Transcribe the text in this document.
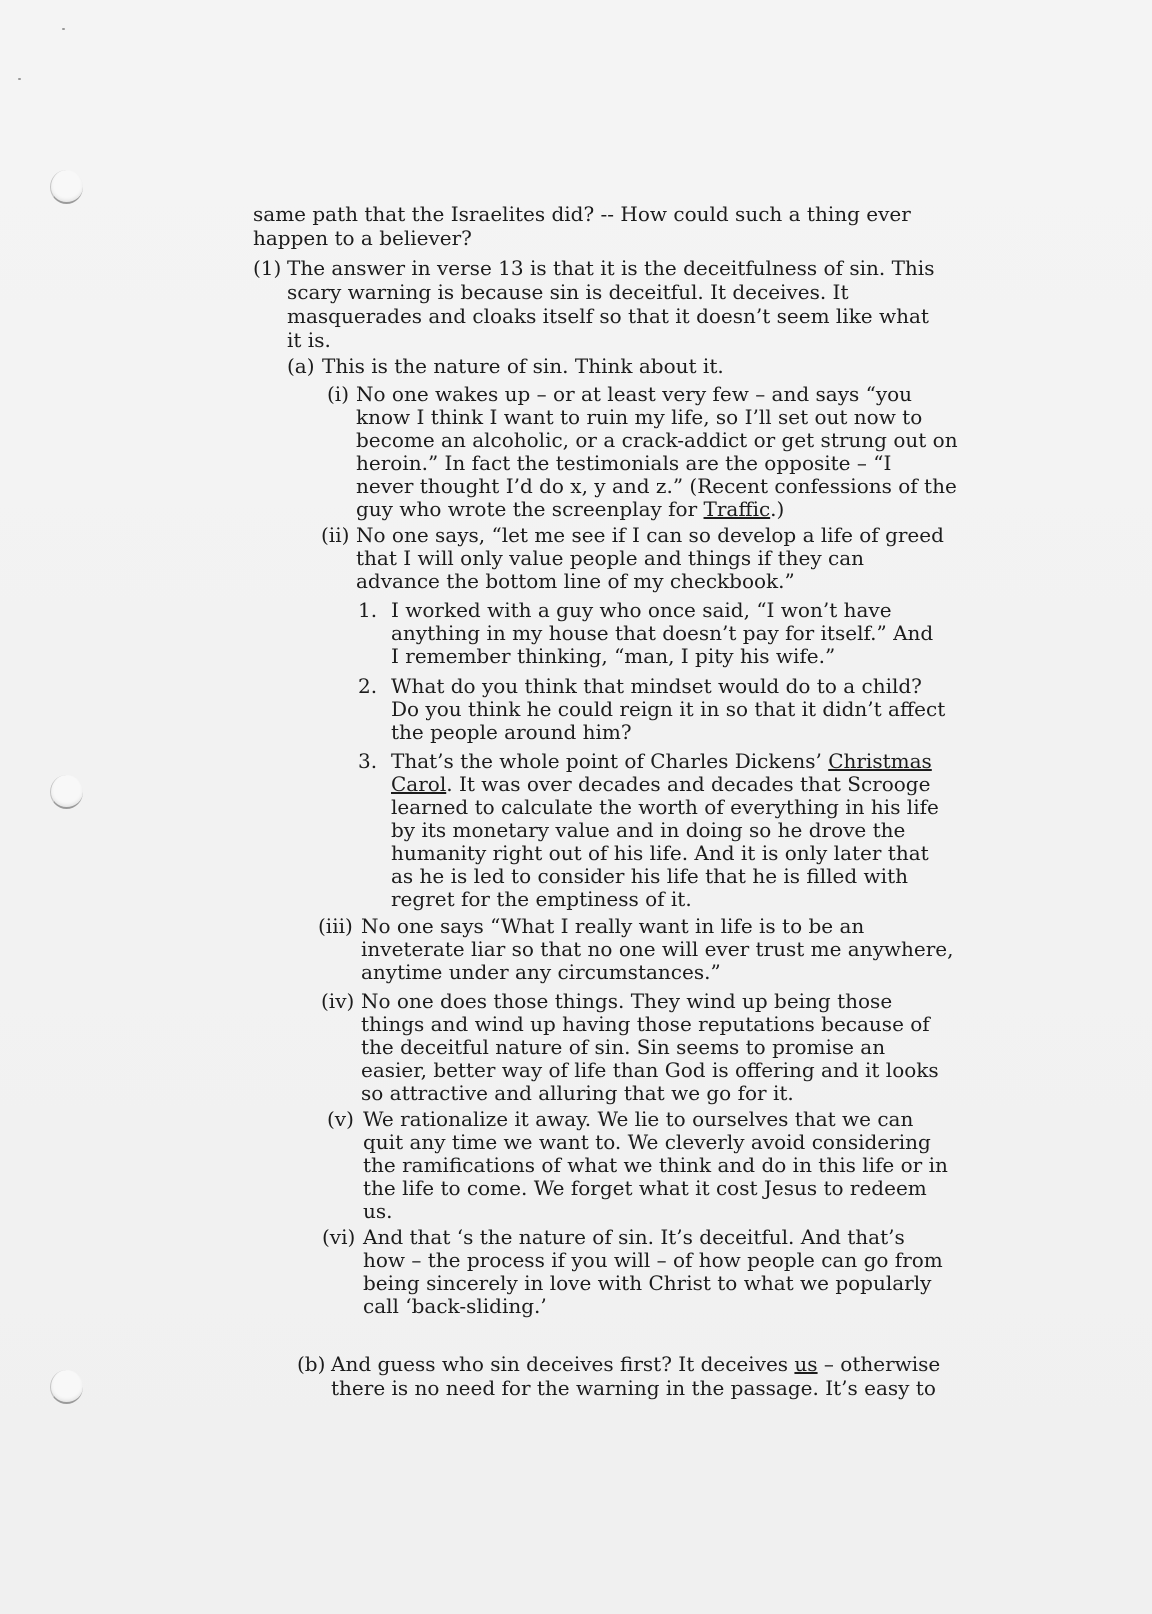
same path that the Israelites did? -- How could such a thing ever
happen to a believer?
(1) The answer in verse 13 is that it is the deceitfulness of sin. This
scary warning is because sin is deceitful. It deceives. It
masquerades and cloaks itself so that it doesn’t seem like what
it is.
(a) This is the nature of sin. Think about it.
(i) No one wakes up – or at least very few – and says “you
know I think I want to ruin my life, so I’ll set out now to
become an alcoholic, or a crack-addict or get strung out on
heroin.” In fact the testimonials are the opposite – “I
never thought I’d do x, y and z.” (Recent confessions of the
guy who wrote the screenplay for Traffic.)
(ii) No one says, “let me see if I can so develop a life of greed
that I will only value people and things if they can
advance the bottom line of my checkbook.”
1. I worked with a guy who once said, “I won’t have
anything in my house that doesn’t pay for itself.” And
I remember thinking, “man, I pity his wife.”
2. What do you think that mindset would do to a child?
Do you think he could reign it in so that it didn’t affect
the people around him?
3. That’s the whole point of Charles Dickens’ Christmas
Carol. It was over decades and decades that Scrooge
learned to calculate the worth of everything in his life
by its monetary value and in doing so he drove the
humanity right out of his life. And it is only later that
as he is led to consider his life that he is filled with
regret for the emptiness of it.
(iii) No one says “What I really want in life is to be an
inveterate liar so that no one will ever trust me anywhere,
anytime under any circumstances.”
(iv) No one does those things. They wind up being those
things and wind up having those reputations because of
the deceitful nature of sin. Sin seems to promise an
easier, better way of life than God is offering and it looks
so attractive and alluring that we go for it.
(v) We rationalize it away. We lie to ourselves that we can
quit any time we want to. We cleverly avoid considering
the ramifications of what we think and do in this life or in
the life to come. We forget what it cost Jesus to redeem
us.
(vi) And that ‘s the nature of sin. It’s deceitful. And that’s
how – the process if you will – of how people can go from
being sincerely in love with Christ to what we popularly
call ‘back-sliding.’
(b) And guess who sin deceives first? It deceives us – otherwise
there is no need for the warning in the passage. It’s easy to
